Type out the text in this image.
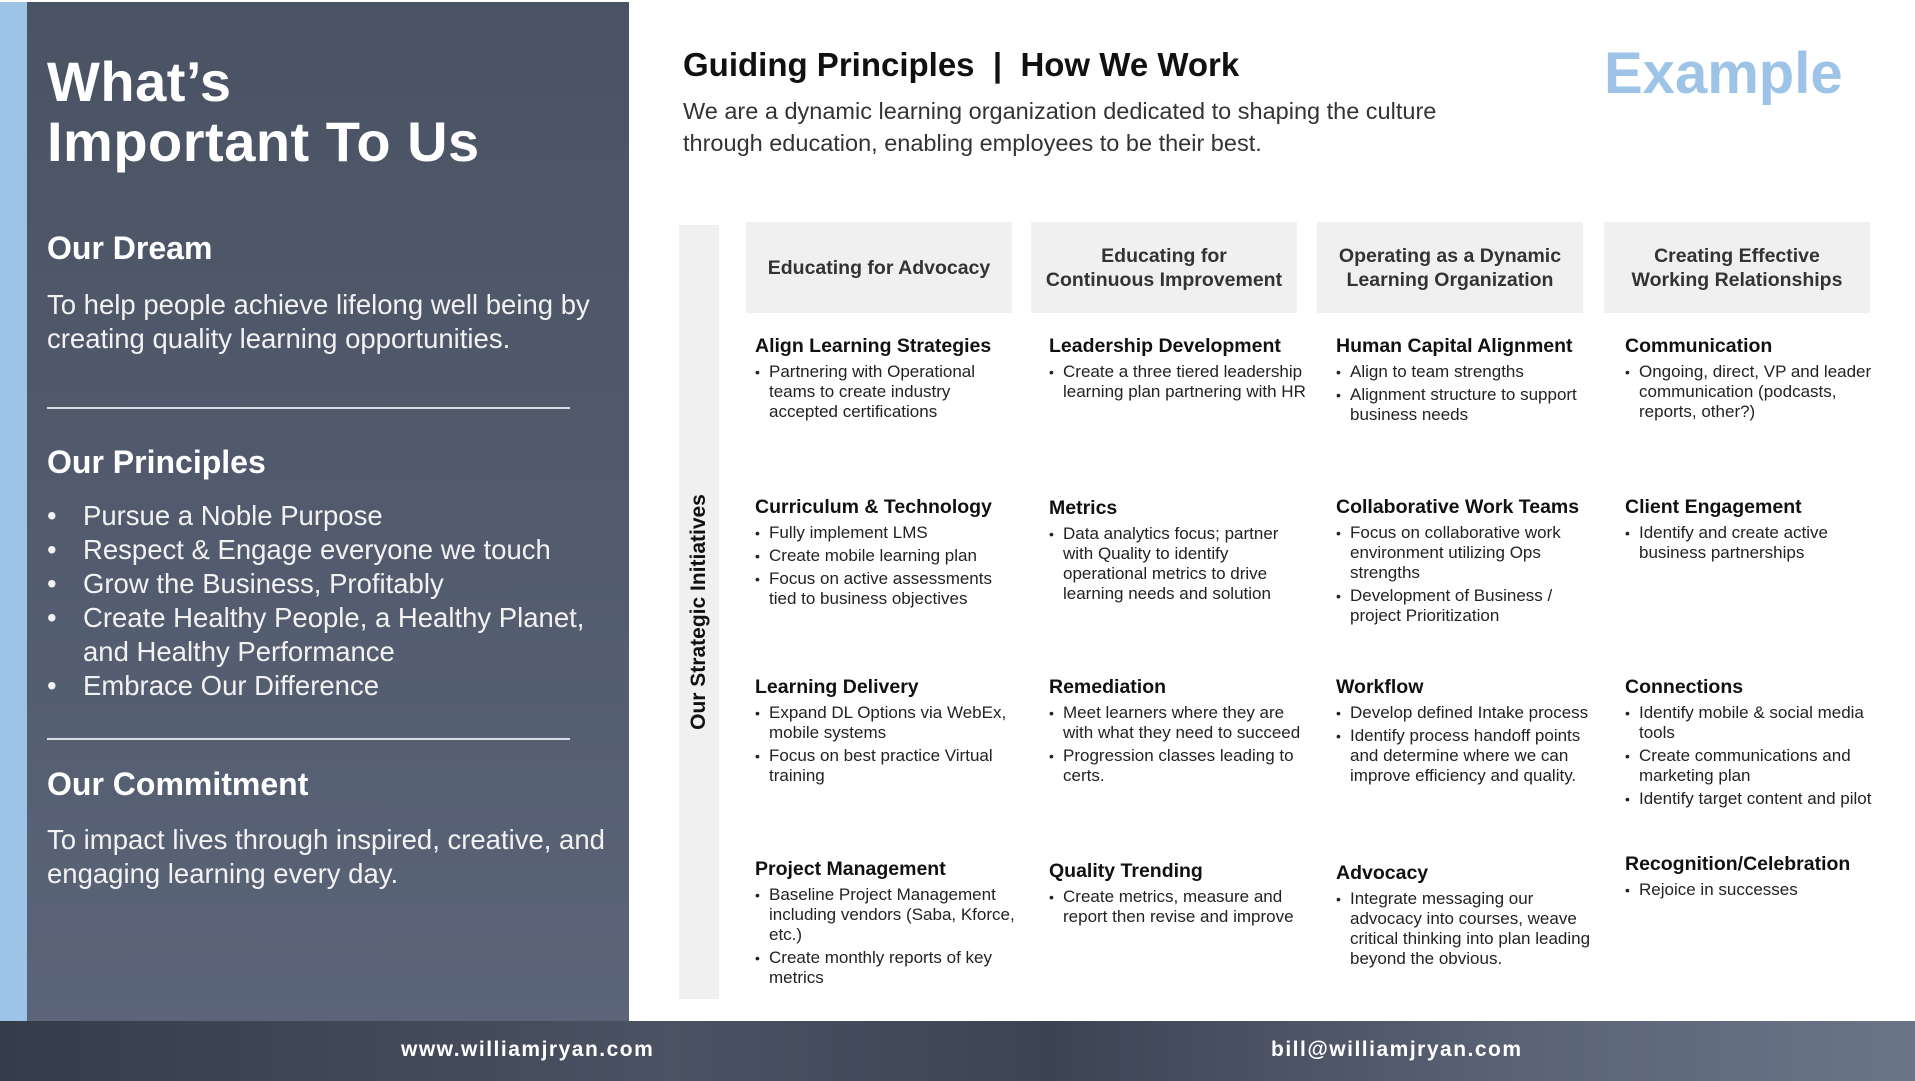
What’s
Important To Us
Our Dream

To help people achieve lifelong well being by creating quality learning opportunities.

Our Principles
• Pursue a Noble Purpose
• Respect & Engage everyone we touch
• Grow the Business, Profitably
• Create Healthy People, a Healthy Planet, and Healthy Performance
• Embrace Our Difference
Our Commitment

To impact lives through inspired, creative, and engaging learning every day.

Guiding Principles  |  How We Work

We are a dynamic learning organization dedicated to shaping the culture through education, enabling employees to be their best.

Example
Our Strategic Initiatives
Educating for Advocacy
Educating for
Continuous Improvement
Operating as a Dynamic
Learning Organization
Creating Effective
Working Relationships
Align Learning Strategies
• Partnering with Operational teams to create industry accepted certifications
Curriculum & Technology
• Fully implement LMS
• Create mobile learning plan
• Focus on active assessments tied to business objectives
Learning Delivery
• Expand DL Options via WebEx, mobile systems
• Focus on best practice Virtual training
Project Management
• Baseline Project Management including vendors (Saba, Kforce, etc.)
• Create monthly reports of key metrics
Leadership Development
• Create a three tiered leadership learning plan partnering with HR
Metrics
• Data analytics focus; partner with Quality to identify operational metrics to drive learning needs and solution
Remediation
• Meet learners where they are with what they need to succeed
• Progression classes leading to certs.
Quality Trending
• Create metrics, measure and report then revise and improve
Human Capital Alignment
• Align to team strengths
• Alignment structure to support business needs
Collaborative Work Teams
• Focus on collaborative work environment utilizing Ops strengths
• Development of Business / project Prioritization
Workflow
• Develop defined Intake process
• Identify process handoff points and determine where we can improve efficiency and quality.
Advocacy
• Integrate messaging our advocacy into courses, weave critical thinking into plan leading beyond the obvious.
Communication
• Ongoing, direct, VP and leader communication (podcasts, reports, other?)
Client Engagement
• Identify and create active business partnerships
Connections
• Identify mobile & social media tools
• Create communications and marketing plan
• Identify target content and pilot
Recognition/Celebration
• Rejoice in successes
www.williamjryan.com	bill@williamjryan.com
